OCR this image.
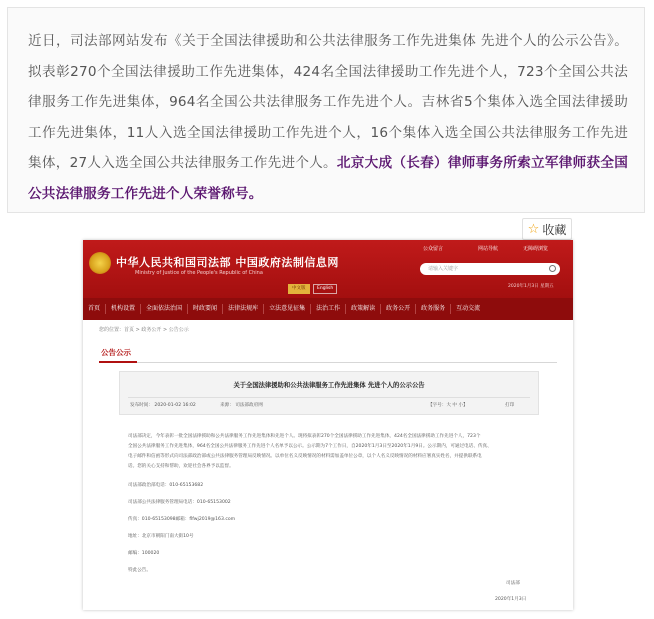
近日，司法部网站发布《关于全国法律援助和公共法律服务工作先进集体 先进个人的公示公告》。拟表彰270个全国法律援助工作先进集体，424名全国法律援助工作先进个人，723个全国公共法律服务工作先进集体，964名全国公共法律服务工作先进个人。吉林省5个集体入选全国法律援助工作先进集体，11人入选全国法律援助工作先进个人，16个集体入选全国公共法律服务工作先进集体，27人入选全国公共法律服务工作先进个人。北京大成（长春）律师事务所索立军律师获全国公共法律服务工作先进个人荣誉称号。

☆ 收藏
中华人民共和国司法部 中国政府法制信息网
Ministry of Justice of the People's Republic of China
中文版	English
公众留言	网站导航	无障碍浏览
请输入关键字
2020年1月3日 星期五
首页	机构设置	全面依法治国	时政要闻	法律法规库	立法意见征集	法治工作	政策解读	政务公开	政务服务	互动交流
您的位置：首页 > 政务公开 > 公告公示
公告公示
关于全国法律援助和公共法律服务工作先进集体 先进个人的公示公告
发布时间： 2020-01-02 16:02	来源： 司法部政府网	【字号：大 中 小】	打印
司法部决定，今年表彰一批全国法律援助和公共法律服务工作先进集体和先进个人。现将拟表彰270个全国法律援助工作先进集体，424名全国法律援助工作先进个人，723个
全国公共法律服务工作先进集体，964名全国公共法律服务工作先进个人名单予以公示。公示期为7个工作日，自2020年1月3日至2020年1月9日。公示期内，可通过电话、传真、
电子邮件和信函等形式向司法部政治部或公共法律服务管理局反映情况。以单位名义反映情况的材料需加盖单位公章，以个人名义反映情况的材料应署真实姓名，并提供联系电
话。您的关心支持和帮助，欢迎社会各界予以监督。
司法部政治部电话：010-65153682
司法部公共法律服务管理局电话：010-65153002
传真：010-65153098邮箱：flfwj2019@163.com
地址：北京市朝阳门南大街10号
邮编：100020
特此公告。
司法部
2020年1月3日
